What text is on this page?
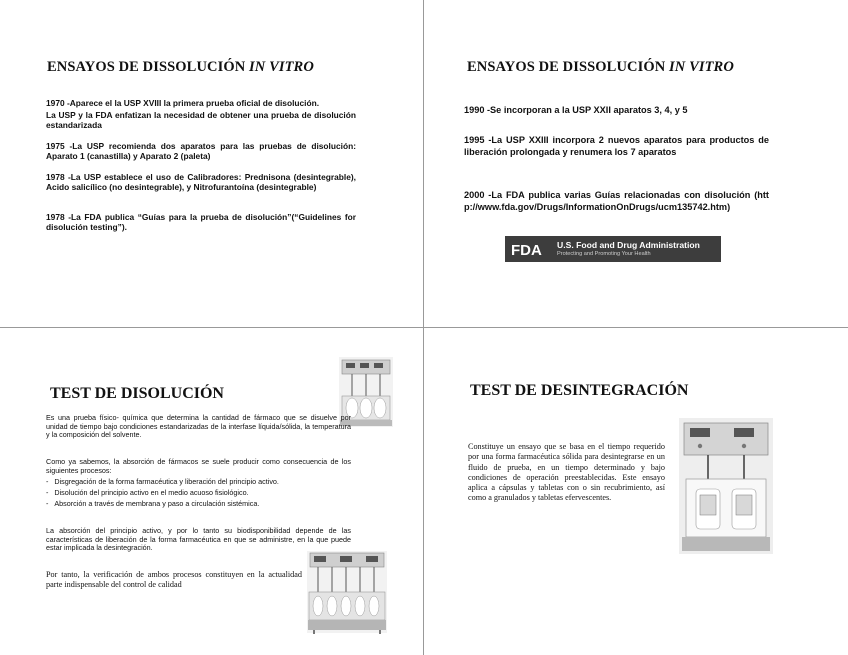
ENSAYOS DE DISSOLUCIÓN IN VITRO
1970 -Aparece el la USP XVIII la primera prueba oficial de disolución.
La USP y la FDA enfatizan la necesidad de obtener una prueba de disolución estandarizada
1975 -La USP recomienda dos aparatos para las pruebas de disolución: Aparato 1 (canastilla) y Aparato 2 (paleta)
1978 -La USP establece el uso de Calibradores: Prednisona (desintegrable), Acido salicílico (no desintegrable), y Nitrofurantoína (desintegrable)
1978 -La FDA publica “Guías para la prueba de disolución”(“Guidelines for disolución testing”).
ENSAYOS DE DISSOLUCIÓN IN VITRO
1990 -Se incorporan a la USP XXII aparatos 3, 4, y 5
1995 -La USP XXIII incorpora 2 nuevos aparatos para productos de liberación prolongada y renumera los 7 aparatos
2000 -La FDA publica varias Guías relacionadas con disolución (http://www.fda.gov/Drugs/InformationOnDrugs/ucm135742.htm)
FDA U.S. Food and Drug Administration
Protecting and Promoting Your Health
TEST DE DISOLUCIÓN
Es una prueba físico- química que determina la cantidad de fármaco que se disuelve por unidad de tiempo bajo condiciones estandarizadas de la interfase líquida/sólida, la temperatura y la composición del solvente.
Como ya sabemos, la absorción de fármacos se suele producir como consecuencia de los siguientes procesos:
- Disgregación de la forma farmacéutica y liberación del principio activo.
- Disolución del principio activo en el medio acuoso fisiológico.
- Absorción a través de membrana y paso a circulación sistémica.
La absorción del principio activo, y por lo tanto su biodisponibilidad depende de las características de liberación de la forma farmacéutica en que se administre, en la que puede estar implicada la desintegración.
Por tanto, la verificación de ambos procesos constituyen en la actualidad parte indispensable del control de calidad
TEST DE DESINTEGRACIÓN
Constituye un ensayo que se basa en el tiempo requerido por una forma farmacéutica sólida para desintegrarse en un fluido de prueba, en un tiempo determinado y bajo condiciones de operación preestablecidas. Este ensayo aplica a cápsulas y tabletas con o sin recubrimiento, así como a granulados y tabletas efervescentes.
